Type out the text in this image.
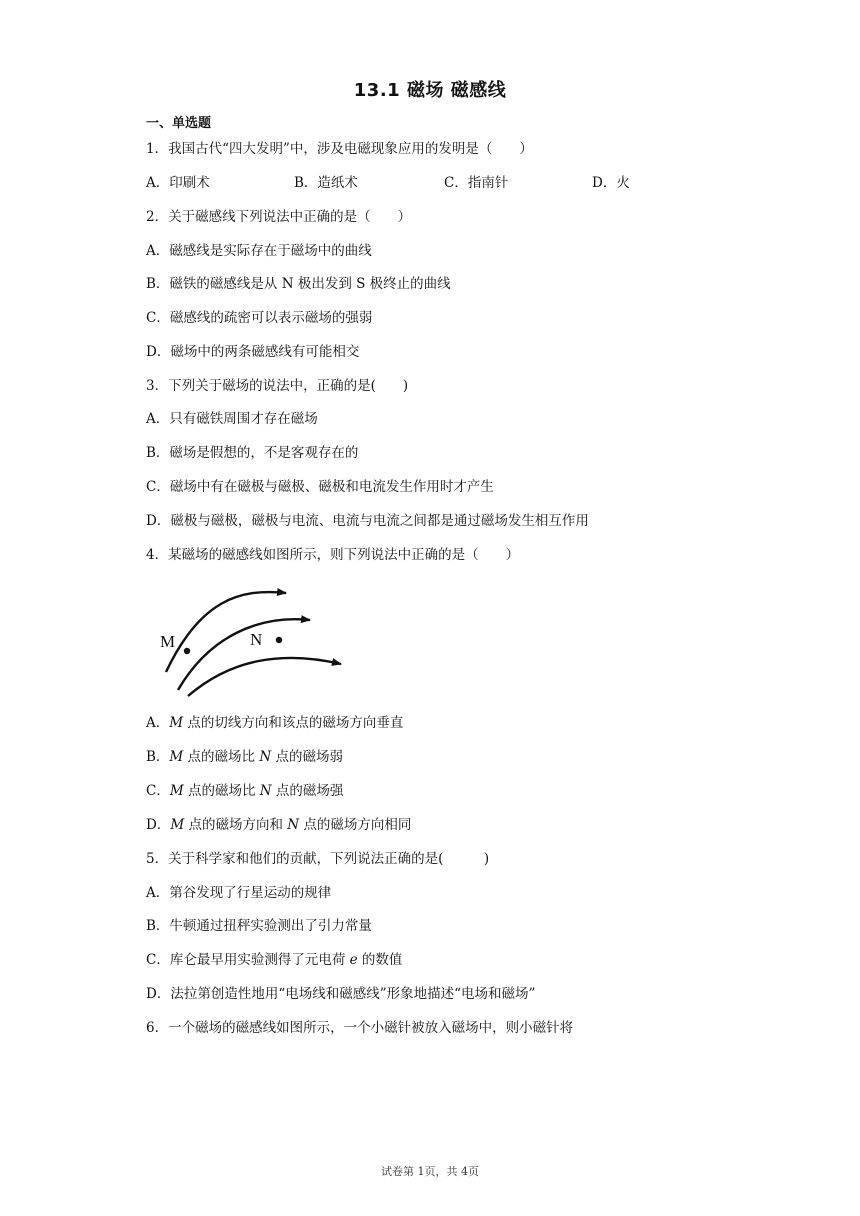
13.1 磁场 磁感线
一、单选题
1．我国古代“四大发明”中，涉及电磁现象应用的发明是（　　）
A．印刷术	B．造纸术	C．指南针	D．火
2．关于磁感线下列说法中正确的是（　　）
A．磁感线是实际存在于磁场中的曲线
B．磁铁的磁感线是从 N 极出发到 S 极终止的曲线
C．磁感线的疏密可以表示磁场的强弱
D．磁场中的两条磁感线有可能相交
3．下列关于磁场的说法中，正确的是(　　)
A．只有磁铁周围才存在磁场
B．磁场是假想的，不是客观存在的
C．磁场中有在磁极与磁极、磁极和电流发生作用时才产生
D．磁极与磁极，磁极与电流、电流与电流之间都是通过磁场发生相互作用
4．某磁场的磁感线如图所示，则下列说法中正确的是（　　）
M	N
A．M 点的切线方向和该点的磁场方向垂直
B．M 点的磁场比 N 点的磁场弱
C．M 点的磁场比 N 点的磁场强
D．M 点的磁场方向和 N 点的磁场方向相同
5．关于科学家和他们的贡献，下列说法正确的是(　　　)
A．第谷发现了行星运动的规律
B．牛顿通过扭秤实验测出了引力常量
C．库仑最早用实验测得了元电荷 e 的数值
D．法拉第创造性地用“电场线和磁感线”形象地描述“电场和磁场”
6．一个磁场的磁感线如图所示，一个小磁针被放入磁场中，则小磁针将
试卷第 1页，共 4页
